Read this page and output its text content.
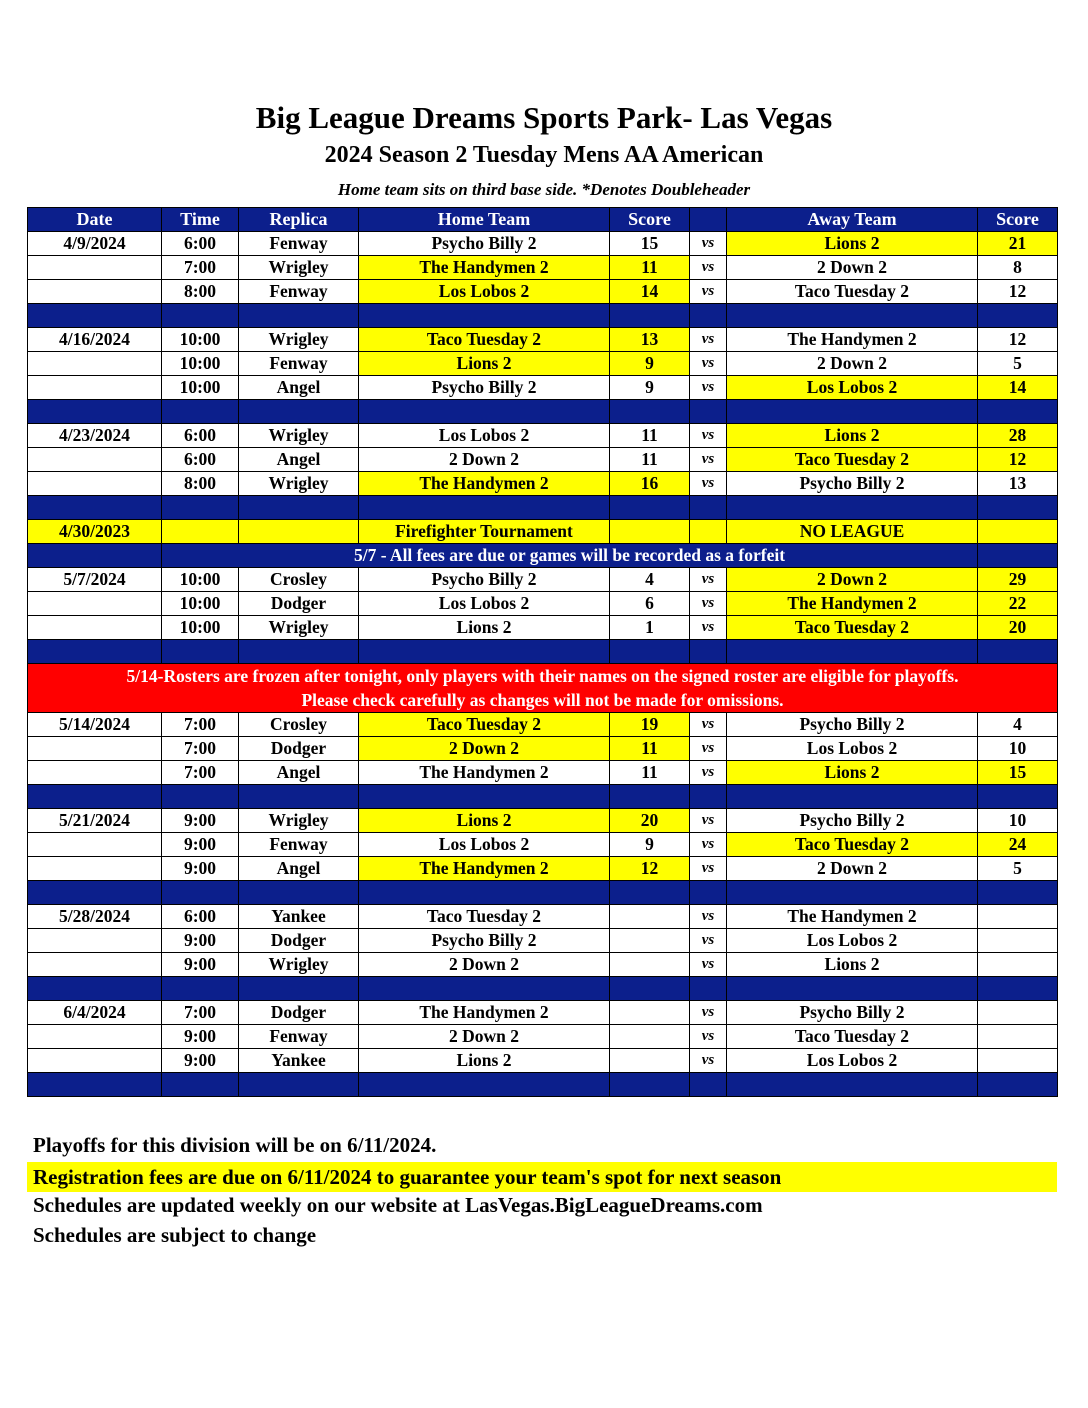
Big League Dreams Sports Park- Las Vegas
2024 Season 2 Tuesday Mens AA American
Home team sits on third base side. *Denotes Doubleheader
Date	Time	Replica	Home Team	Score		Away Team	Score
4/9/2024	6:00	Fenway	Psycho Billy 2	15	vs	Lions 2	21
	7:00	Wrigley	The Handymen 2	11	vs	2 Down 2	8
	8:00	Fenway	Los Lobos 2	14	vs	Taco Tuesday 2	12

4/16/2024	10:00	Wrigley	Taco Tuesday 2	13	vs	The Handymen 2	12
	10:00	Fenway	Lions 2	9	vs	2 Down 2	5
	10:00	Angel	Psycho Billy 2	9	vs	Los Lobos 2	14

4/23/2024	6:00	Wrigley	Los Lobos 2	11	vs	Lions 2	28
	6:00	Angel	2 Down 2	11	vs	Taco Tuesday 2	12
	8:00	Wrigley	The Handymen 2	16	vs	Psycho Billy 2	13

4/30/2023			Firefighter Tournament			NO LEAGUE	
	5/7 - All fees are due or games will be recorded as a forfeit						
5/7/2024	10:00	Crosley	Psycho Billy 2	4	vs	2 Down 2	29
	10:00	Dodger	Los Lobos 2	6	vs	The Handymen 2	22
	10:00	Wrigley	Lions 2	1	vs	Taco Tuesday 2	20

5/14-Rosters are frozen after tonight, only players with their names on the signed roster are eligible for playoffs.
Please check carefully as changes will not be made for omissions.							

5/14/2024	7:00	Crosley	Taco Tuesday 2	19	vs	Psycho Billy 2	4
	7:00	Dodger	2 Down 2	11	vs	Los Lobos 2	10
	7:00	Angel	The Handymen 2	11	vs	Lions 2	15

5/21/2024	9:00	Wrigley	Lions 2	20	vs	Psycho Billy 2	10
	9:00	Fenway	Los Lobos 2	9	vs	Taco Tuesday 2	24
	9:00	Angel	The Handymen 2	12	vs	2 Down 2	5

5/28/2024	6:00	Yankee	Taco Tuesday 2		vs	The Handymen 2	
	9:00	Dodger	Psycho Billy 2		vs	Los Lobos 2	
	9:00	Wrigley	2 Down 2		vs	Lions 2	

6/4/2024	7:00	Dodger	The Handymen 2		vs	Psycho Billy 2	
	9:00	Fenway	2 Down 2		vs	Taco Tuesday 2	
	9:00	Yankee	Lions 2		vs	Los Lobos 2	

Playoffs for this division will be on 6/11/2024.
Registration fees are due on 6/11/2024 to guarantee your team's spot for next season
Schedules are updated weekly on our website at LasVegas.BigLeagueDreams.com
Schedules are subject to change
